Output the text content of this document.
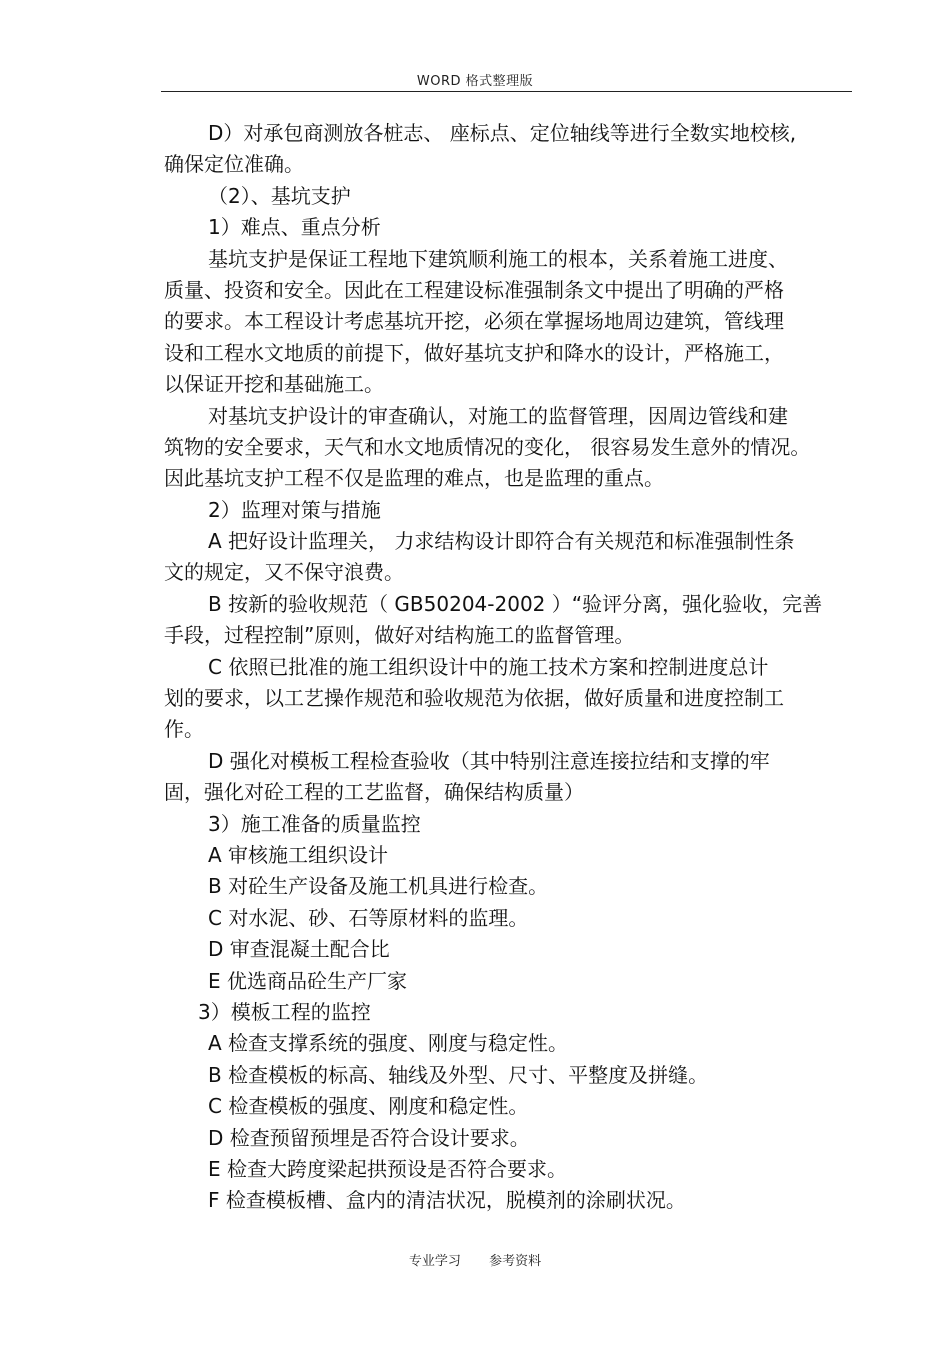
WORD 格式整理版
D）对承包商测放各桩志、 座标点、定位轴线等进行全数实地校核,
确保定位准确。
（2）、基坑支护
1）难点、重点分析
基坑支护是保证工程地下建筑顺利施工的根本，关系着施工进度、
质量、投资和安全。因此在工程建设标准强制条文中提出了明确的严格
的要求。本工程设计考虑基坑开挖，必须在掌握场地周边建筑，管线理
设和工程水文地质的前提下，做好基坑支护和降水的设计，严格施工，
以保证开挖和基础施工。
对基坑支护设计的审查确认，对施工的监督管理，因周边管线和建
筑物的安全要求，天气和水文地质情况的变化， 很容易发生意外的情况。
因此基坑支护工程不仅是监理的难点，也是监理的重点。
2）监理对策与措施
A 把好设计监理关， 力求结构设计即符合有关规范和标准强制性条
文的规定，又不保守浪费。
B 按新的验收规范（ GB50204-2002 ）“验评分离，强化验收，完善
手段，过程控制”原则，做好对结构施工的监督管理。
C 依照已批准的施工组织设计中的施工技术方案和控制进度总计
划的要求，以工艺操作规范和验收规范为依据，做好质量和进度控制工
作。
D 强化对模板工程检查验收（其中特别注意连接拉结和支撑的牢
固，强化对砼工程的工艺监督，确保结构质量）
3）施工准备的质量监控
A 审核施工组织设计
B 对砼生产设备及施工机具进行检查。
C 对水泥、砂、石等原材料的监理。
D 审查混凝土配合比
E 优选商品砼生产厂家
3）模板工程的监控
A 检查支撑系统的强度、刚度与稳定性。
B 检查模板的标高、轴线及外型、尺寸、平整度及拼缝。
C 检查模板的强度、刚度和稳定性。
D 检查预留预埋是否符合设计要求。
E 检查大跨度梁起拱预设是否符合要求。
F 检查模板槽、盒内的清洁状况，脱模剂的涂刷状况。
专业学习 参考资料
